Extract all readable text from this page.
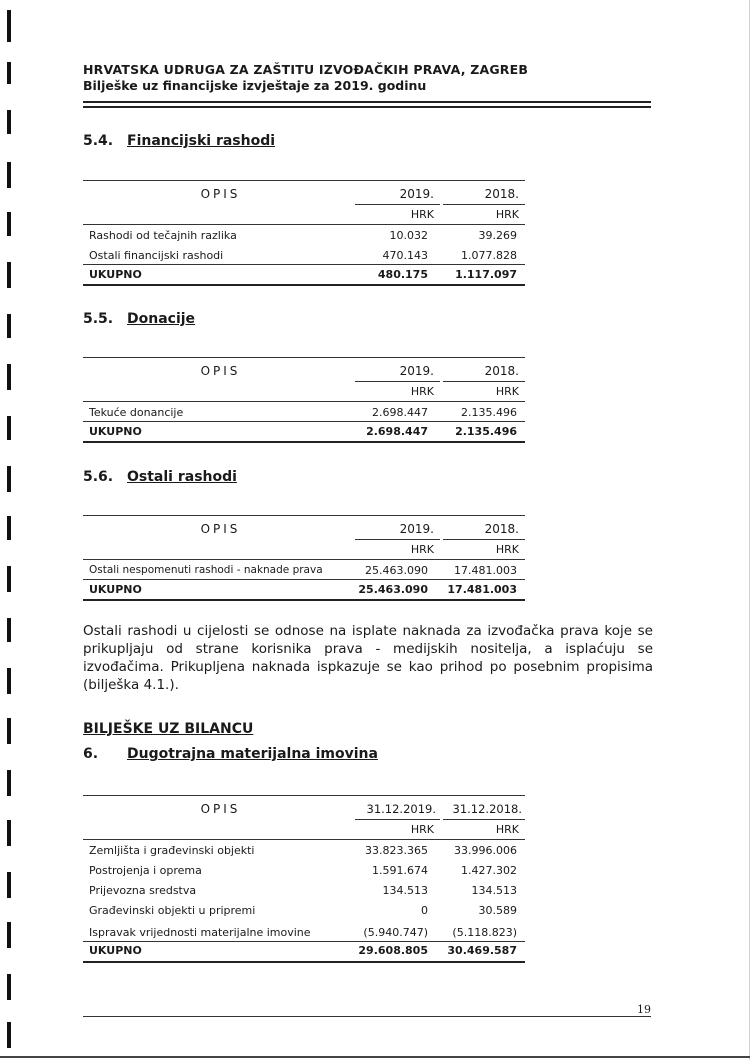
HRVATSKA UDRUGA ZA ZAŠTITU IZVOĐAČKIH PRAVA, ZAGREB
Bilješke uz financijske izvještaje za 2019. godinu
5.4. Financijski rashodi
OPIS	2019.	2018.
HRK	HRK
Rashodi od tečajnih razlika	10.032	39.269
Ostali financijski rashodi	470.143	1.077.828
UKUPNO	480.175	1.117.097
5.5. Donacije
OPIS	2019.	2018.
HRK	HRK
Tekuće donancije	2.698.447	2.135.496
UKUPNO	2.698.447	2.135.496
5.6. Ostali rashodi
OPIS	2019.	2018.
HRK	HRK
Ostali nespomenuti rashodi - naknade prava	25.463.090	17.481.003
UKUPNO	25.463.090	17.481.003
Ostali rashodi u cijelosti se odnose na isplate naknada za izvođačka prava koje se prikupljaju od strane korisnika prava - medijskih nositelja, a isplaćuju se izvođačima. Prikupljena naknada ispkazuje se kao prihod po posebnim propisima (bilješka 4.1.).
BILJEŠKE UZ BILANCU
6. Dugotrajna materijalna imovina
OPIS	31.12.2019.	31.12.2018.
HRK	HRK
Zemljišta i građevinski objekti	33.823.365	33.996.006
Postrojenja i oprema	1.591.674	1.427.302
Prijevozna sredstva	134.513	134.513
Građevinski objekti u pripremi	0	30.589
Ispravak vrijednosti materijalne imovine	(5.940.747)	(5.118.823)
UKUPNO	29.608.805	30.469.587
19
